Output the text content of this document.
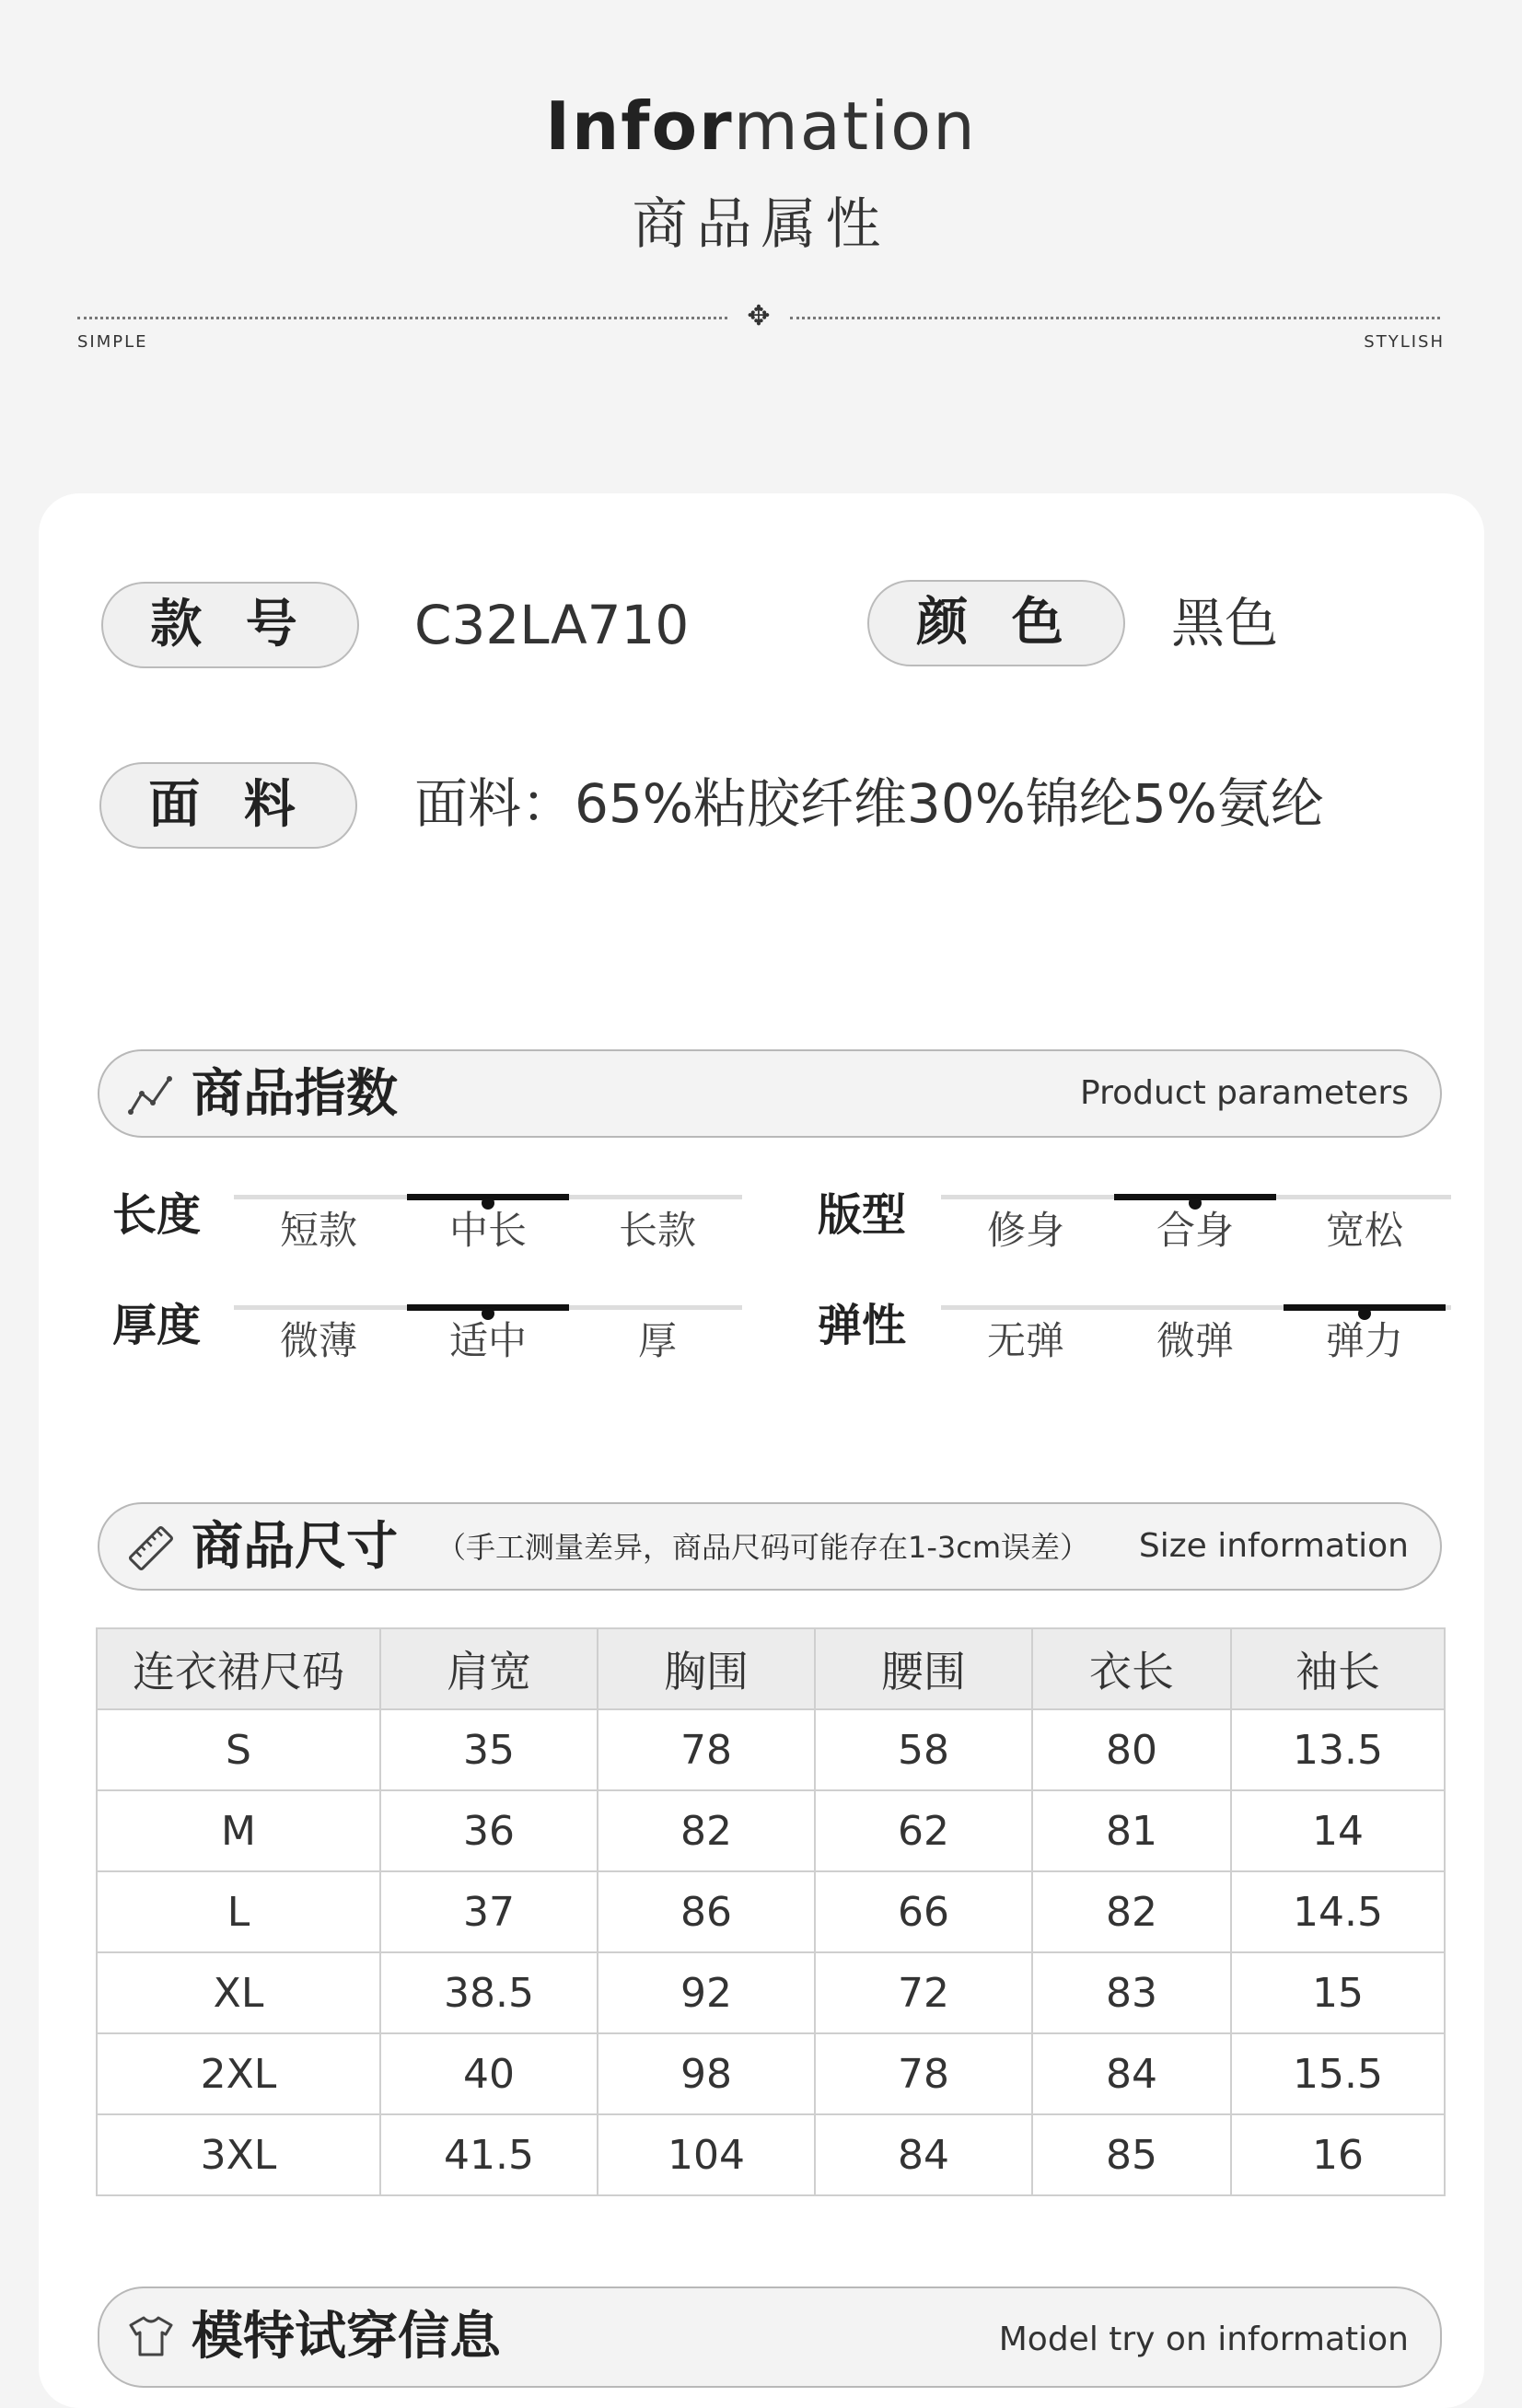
Information
商品属性
✥
SIMPLE	STYLISH
款 号	C32LA710	颜 色	黑色
面 料	面料：65%粘胶纤维30%锦纶5%氨纶
商品指数	Product parameters
长度	短款	中长	长款	版型	修身	合身	宽松
厚度	微薄	适中	厚	弹性	无弹	微弹	弹力
商品尺寸 （手工测量差异，商品尺码可能存在1-3cm误差） Size information
连衣裙尺码	肩宽	胸围	腰围	衣长	袖长
S	35	78	58	80	13.5
M	36	82	62	81	14
L	37	86	66	82	14.5
XL	38.5	92	72	83	15
2XL	40	98	78	84	15.5
3XL	41.5	104	84	85	16
模特试穿信息	Model try on information
